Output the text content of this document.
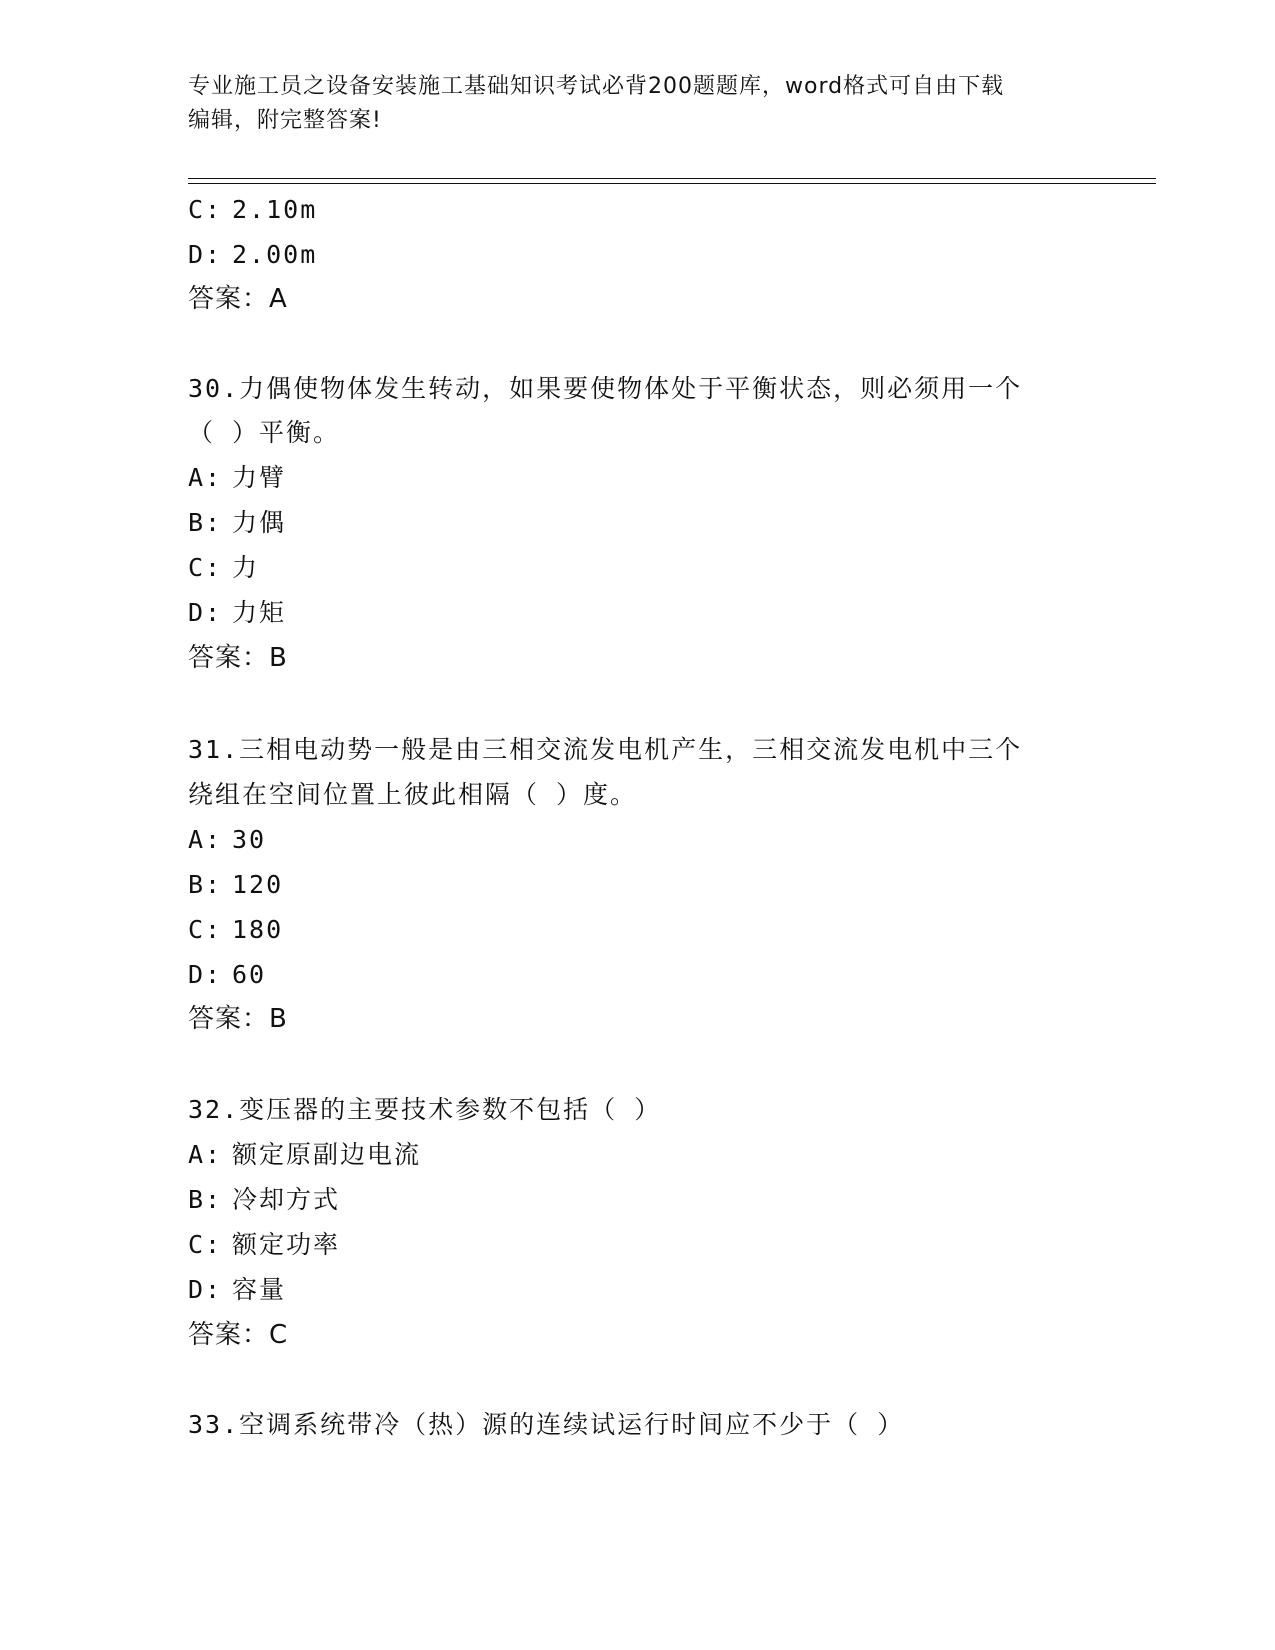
专业施工员之设备安装施工基础知识考试必背200题题库，word格式可自由下载
编辑，附完整答案!
C: 2.10m
D: 2.00m
答案：A
30.力偶使物体发生转动，如果要使物体处于平衡状态，则必须用一个
（ ）平衡。
A: 力臂
B: 力偶
C: 力
D: 力矩
答案：B
31.三相电动势一般是由三相交流发电机产生，三相交流发电机中三个
绕组在空间位置上彼此相隔（ ）度。
A: 30
B: 120
C: 180
D: 60
答案：B
32.变压器的主要技术参数不包括（ ）
A: 额定原副边电流
B: 冷却方式
C: 额定功率
D: 容量
答案：C
33.空调系统带冷（热）源的连续试运行时间应不少于（ ）
